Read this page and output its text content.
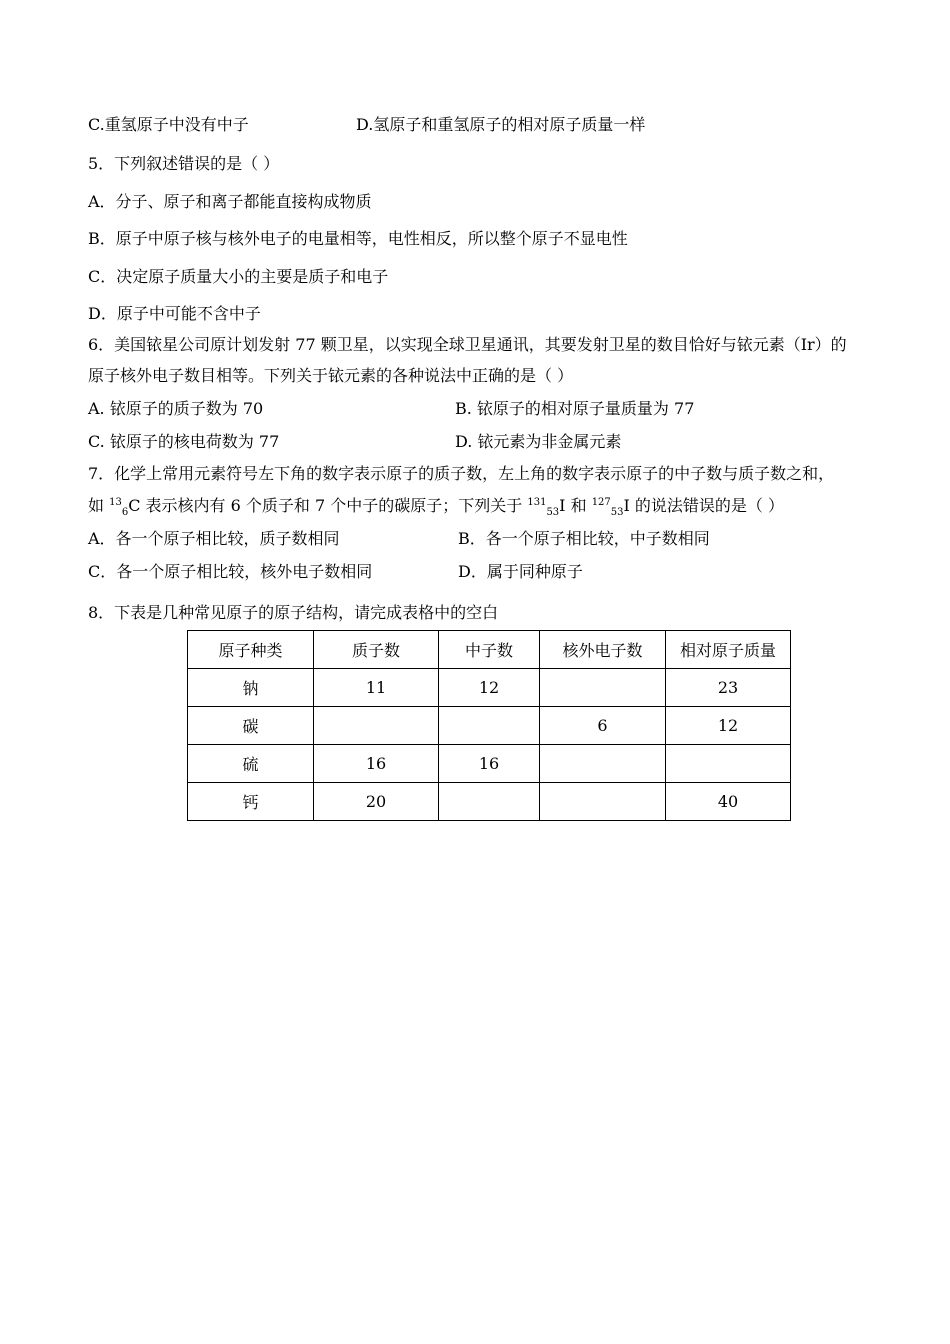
C.重氢原子中没有中子	D.氢原子和重氢原子的相对原子质量一样
5．下列叙述错误的是（ ）
A．分子、原子和离子都能直接构成物质
B．原子中原子核与核外电子的电量相等，电性相反，所以整个原子不显电性
C．决定原子质量大小的主要是质子和电子
D．原子中可能不含中子
6．美国铱星公司原计划发射 77 颗卫星，以实现全球卫星通讯，其要发射卫星的数目恰好与铱元素（Ir）的
原子核外电子数目相等。下列关于铱元素的各种说法中正确的是（ ）
A. 铱原子的质子数为 70	B. 铱原子的相对原子量质量为 77
C. 铱原子的核电荷数为 77	D. 铱元素为非金属元素
7．化学上常用元素符号左下角的数字表示原子的质子数，左上角的数字表示原子的中子数与质子数之和，
如 $^{13}_6$C 表示核内有 6 个质子和 7 个中子的碳原子；下列关于 $^{131}_{53}$I 和 $^{127}_{53}$I 的说法错误的是（ ）
A．各一个原子相比较，质子数相同	B．各一个原子相比较，中子数相同
C．各一个原子相比较，核外电子数相同	D．属于同种原子
8．下表是几种常见原子的原子结构，请完成表格中的空白
原子种类	质子数	中子数	核外电子数	相对原子质量
钠	11	12		23
碳			6	12
硫	16	16		
钙	20			40
